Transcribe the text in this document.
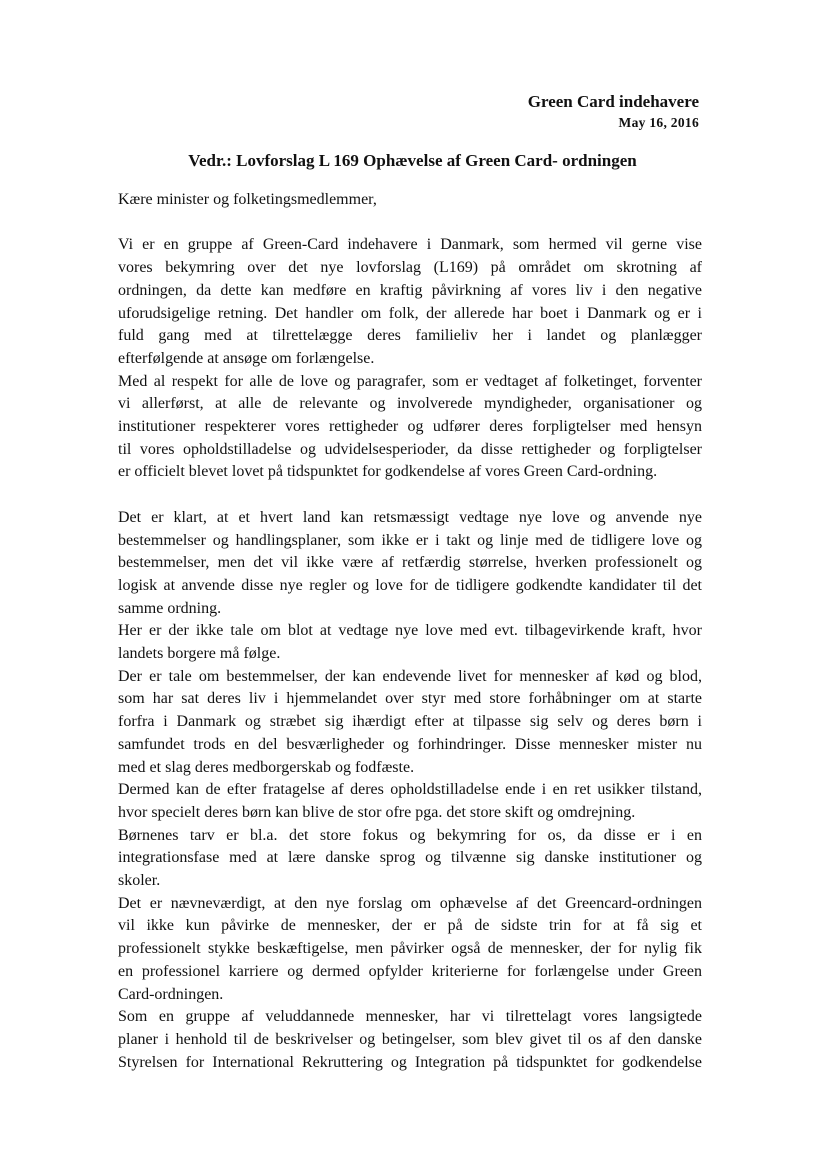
Green Card indehavere
May 16, 2016
Vedr.: Lovforslag L 169 Ophævelse af Green Card- ordningen

Kære minister og folketingsmedlemmer,

Vi er en gruppe af Green-Card indehavere i Danmark, som hermed vil gerne vise
vores bekymring over det nye lovforslag (L169) på området om skrotning af
ordningen, da dette kan medføre en kraftig påvirkning af vores liv i den negative
uforudsigelige retning. Det handler om folk, der allerede har boet i Danmark og er i
fuld gang med at tilrettelægge deres familieliv her i landet og planlægger
efterfølgende at ansøge om forlængelse.

Med al respekt for alle de love og paragrafer, som er vedtaget af folketinget, forventer
vi allerførst, at alle de relevante og involverede myndigheder, organisationer og
institutioner respekterer vores rettigheder og udfører deres forpligtelser med hensyn
til vores opholdstilladelse og udvidelsesperioder, da disse rettigheder og forpligtelser
er officielt blevet lovet på tidspunktet for godkendelse af vores Green Card-ordning.

Det er klart, at et hvert land kan retsmæssigt vedtage nye love og anvende nye
bestemmelser og handlingsplaner, som ikke er i takt og linje med de tidligere love og
bestemmelser, men det vil ikke være af retfærdig størrelse, hverken professionelt og
logisk at anvende disse nye regler og love for de tidligere godkendte kandidater til det
samme ordning.

Her er der ikke tale om blot at vedtage nye love med evt. tilbagevirkende kraft, hvor
landets borgere må følge.

Der er tale om bestemmelser, der kan endevende livet for mennesker af kød og blod,
som har sat deres liv i hjemmelandet over styr med store forhåbninger om at starte
forfra i Danmark og stræbet sig ihærdigt efter at tilpasse sig selv og deres børn i
samfundet trods en del besværligheder og forhindringer. Disse mennesker mister nu
med et slag deres medborgerskab og fodfæste.

Dermed kan de efter fratagelse af deres opholdstilladelse ende i en ret usikker tilstand,
hvor specielt deres børn kan blive de stor ofre pga. det store skift og omdrejning.

Børnenes tarv er bl.a. det store fokus og bekymring for os, da disse er i en
integrationsfase med at lære danske sprog og tilvænne sig danske institutioner og
skoler.

Det er nævneværdigt, at den nye forslag om ophævelse af det Greencard-ordningen
vil ikke kun påvirke de mennesker, der er på de sidste trin for at få sig et
professionelt stykke beskæftigelse, men påvirker også de mennesker, der for nylig fik
en professionel karriere og dermed opfylder kriterierne for forlængelse under Green
Card-ordningen.

Som en gruppe af veluddannede mennesker, har vi tilrettelagt vores langsigtede
planer i henhold til de beskrivelser og betingelser, som blev givet til os af den danske
Styrelsen for International Rekruttering og Integration på tidspunktet for godkendelse
